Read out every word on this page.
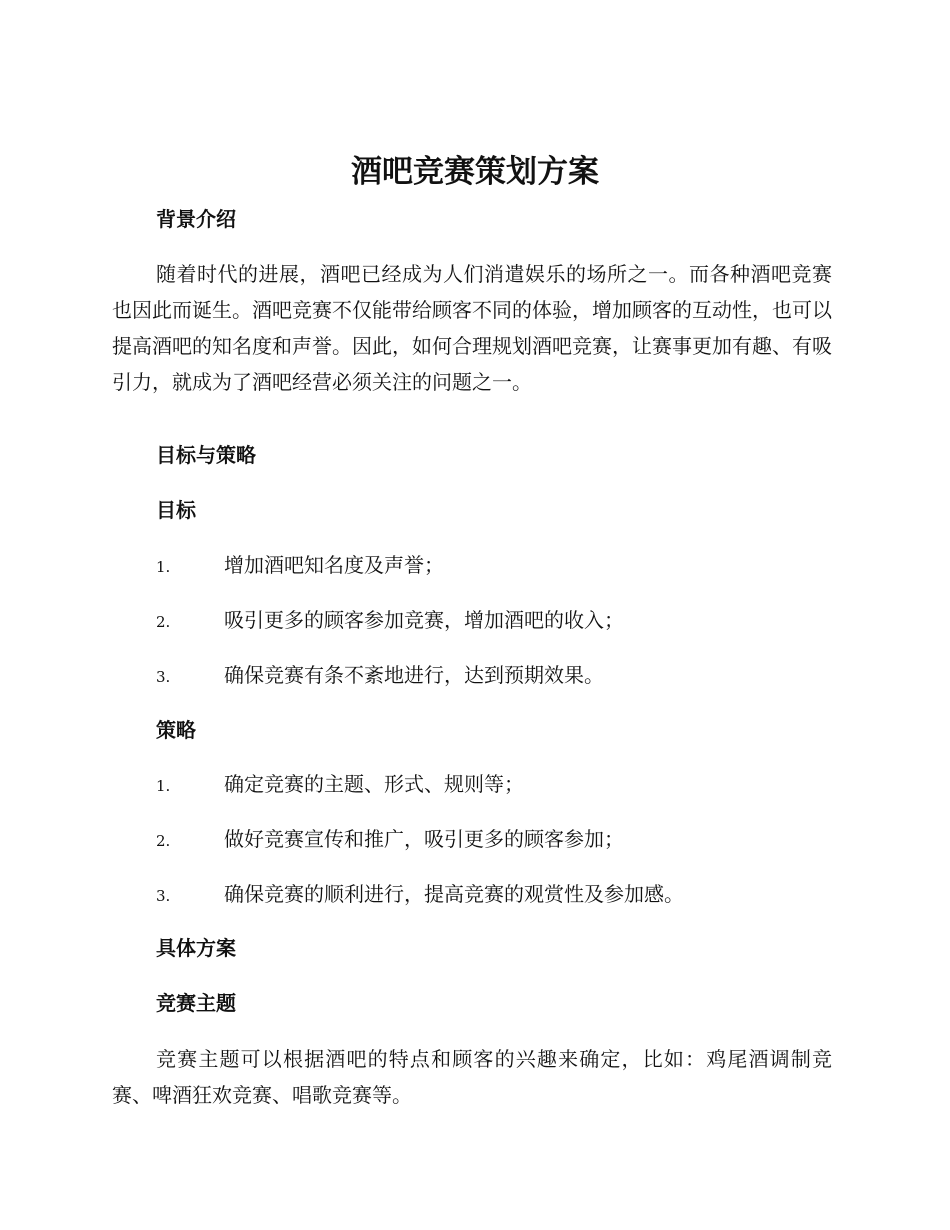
酒吧竞赛策划方案
背景介绍

随着时代的进展，酒吧已经成为人们消遣娱乐的场所之一。而各种酒吧竞赛也因此而诞生。酒吧竞赛不仅能带给顾客不同的体验，增加顾客的互动性，也可以提高酒吧的知名度和声誉。因此，如何合理规划酒吧竞赛，让赛事更加有趣、有吸引力，就成为了酒吧经营必须关注的问题之一。

目标与策略
目标
1.	增加酒吧知名度及声誉；
2.	吸引更多的顾客参加竞赛，增加酒吧的收入；
3.	确保竞赛有条不紊地进行，达到预期效果。
策略
1.	确定竞赛的主题、形式、规则等；
2.	做好竞赛宣传和推广，吸引更多的顾客参加；
3.	确保竞赛的顺利进行，提高竞赛的观赏性及参加感。
具体方案
竞赛主题

竞赛主题可以根据酒吧的特点和顾客的兴趣来确定，比如：鸡尾酒调制竞赛、啤酒狂欢竞赛、唱歌竞赛等。
